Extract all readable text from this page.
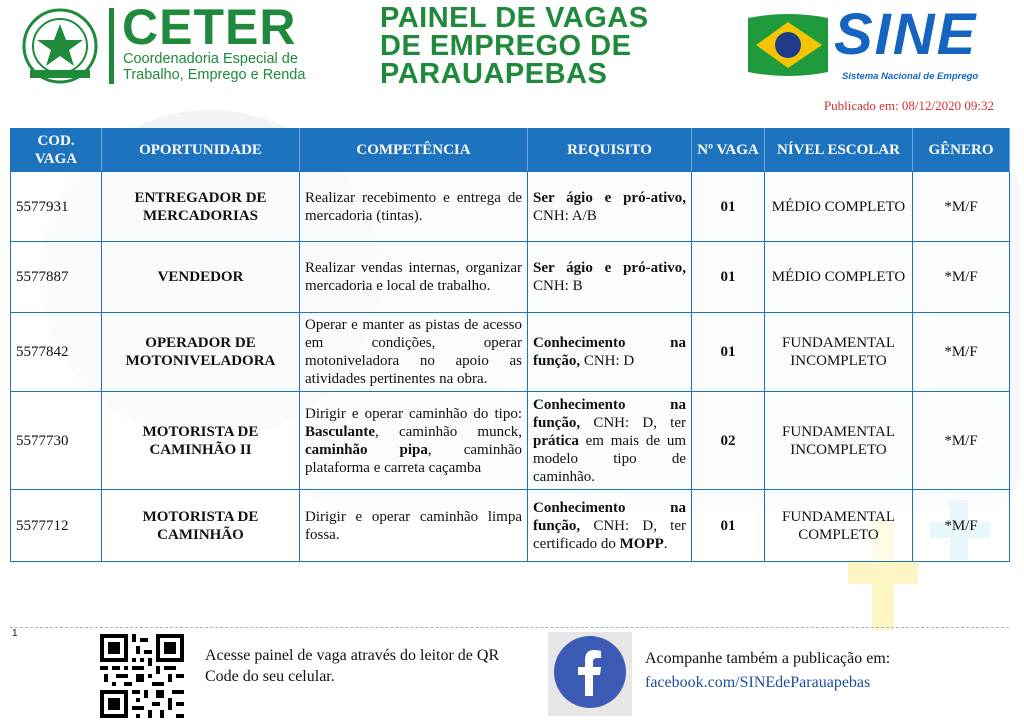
CETER
Coordenadoria Especial de
Trabalho, Emprego e Renda
PAINEL DE VAGAS
DE EMPREGO DE
PARAUAPEBAS
SINE
Sistema Nacional de Emprego
Publicado em: 08/12/2020 09:32
COD. VAGA	OPORTUNIDADE	COMPETÊNCIA	REQUISITO	Nº VAGA	NÍVEL ESCOLAR	GÊNERO
5577931	ENTREGADOR DE MERCADORIAS	Realizar recebimento e entrega de mercadoria (tintas).	Ser ágio e pró-ativo, CNH: A/B	01	MÉDIO COMPLETO	*M/F
5577887	VENDEDOR	Realizar vendas internas, organizar mercadoria e local de trabalho.	Ser ágio e pró-ativo, CNH: B	01	MÉDIO COMPLETO	*M/F
5577842	OPERADOR DE MOTONIVELADORA	Operar e manter as pistas de acesso em condições, operar motoniveladora no apoio as atividades pertinentes na obra.	Conhecimento na função, CNH: D	01	FUNDAMENTAL INCOMPLETO	*M/F
5577730	MOTORISTA DE CAMINHÃO II	Dirigir e operar caminhão do tipo: Basculante, caminhão munck, caminhão pipa, caminhão plataforma e carreta caçamba	Conhecimento na função, CNH: D, ter prática em mais de um modelo tipo de caminhão.	02	FUNDAMENTAL INCOMPLETO	*M/F
5577712	MOTORISTA DE CAMINHÃO	Dirigir e operar caminhão limpa fossa.	Conhecimento na função, CNH: D, ter certificado do MOPP.	01	FUNDAMENTAL COMPLETO	*M/F
1
Acesse painel de vaga através do leitor de QR Code do seu celular.
Acompanhe também a publicação em:
facebook.com/SINEdeParauapebas
